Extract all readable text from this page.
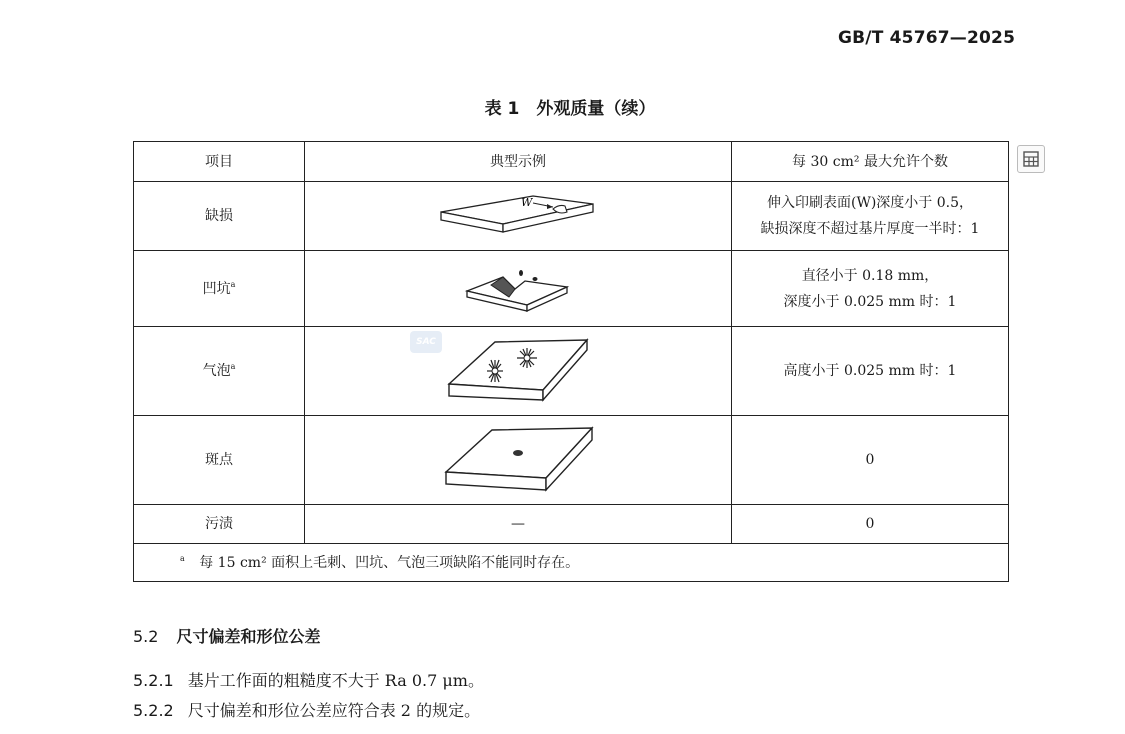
GB/T 45767—2025
表 1　外观质量（续）
项目	典型示例	每 30 cm² 最大允许个数
缺损	W	伸入印刷表面(W)深度小于 0.5，
缺损深度不超过基片厚度一半时：1

凹坑$^a$		直径小于 0.18 mm，
深度小于 0.025 mm 时：1

气泡$^a$		高度小于 0.025 mm 时：1

斑点		0

污渍	—	0

$^a$ 每 15 cm² 面积上毛刺、凹坑、气泡三项缺陷不能同时存在。		
SAC
5.2 尺寸偏差和形位公差
5.2.1 基片工作面的粗糙度不大于 Ra 0.7 μm。
5.2.2 尺寸偏差和形位公差应符合表 2 的规定。
